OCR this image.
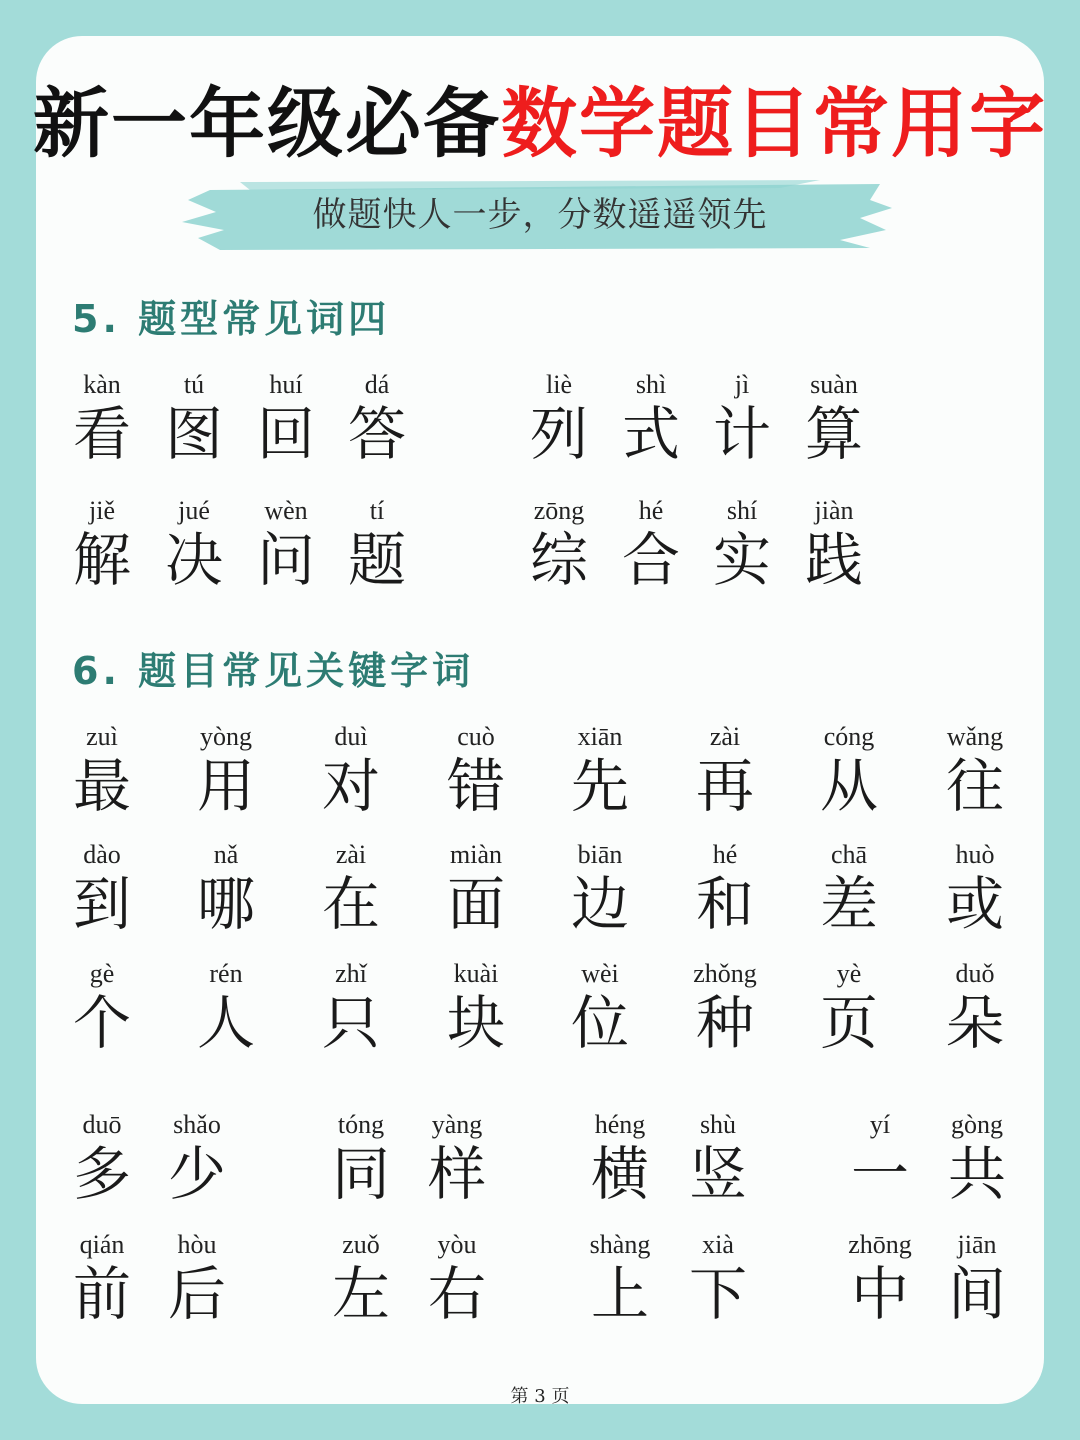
新一年级必备数学题目常用字
做题快人一步，分数遥遥领先
5. 题型常见词四
kàn
看
tú
图
huí
回
dá
答
liè
列
shì
式
jì
计
suàn
算
jiě
解
jué
决
wèn
问
tí
题
zōng
综
hé
合
shí
实
jiàn
践
6. 题目常见关键字词
zuì
最
yòng
用
duì
对
cuò
错
xiān
先
zài
再
cóng
从
wǎng
往
dào
到
nǎ
哪
zài
在
miàn
面
biān
边
hé
和
chā
差
huò
或
gè
个
rén
人
zhǐ
只
kuài
块
wèi
位
zhǒng
种
yè
页
duǒ
朵
duō
多
shǎo
少
tóng
同
yàng
样
héng
横
shù
竖
yí
一
gòng
共
qián
前
hòu
后
zuǒ
左
yòu
右
shàng
上
xià
下
zhōng
中
jiān
间
第 3 页
